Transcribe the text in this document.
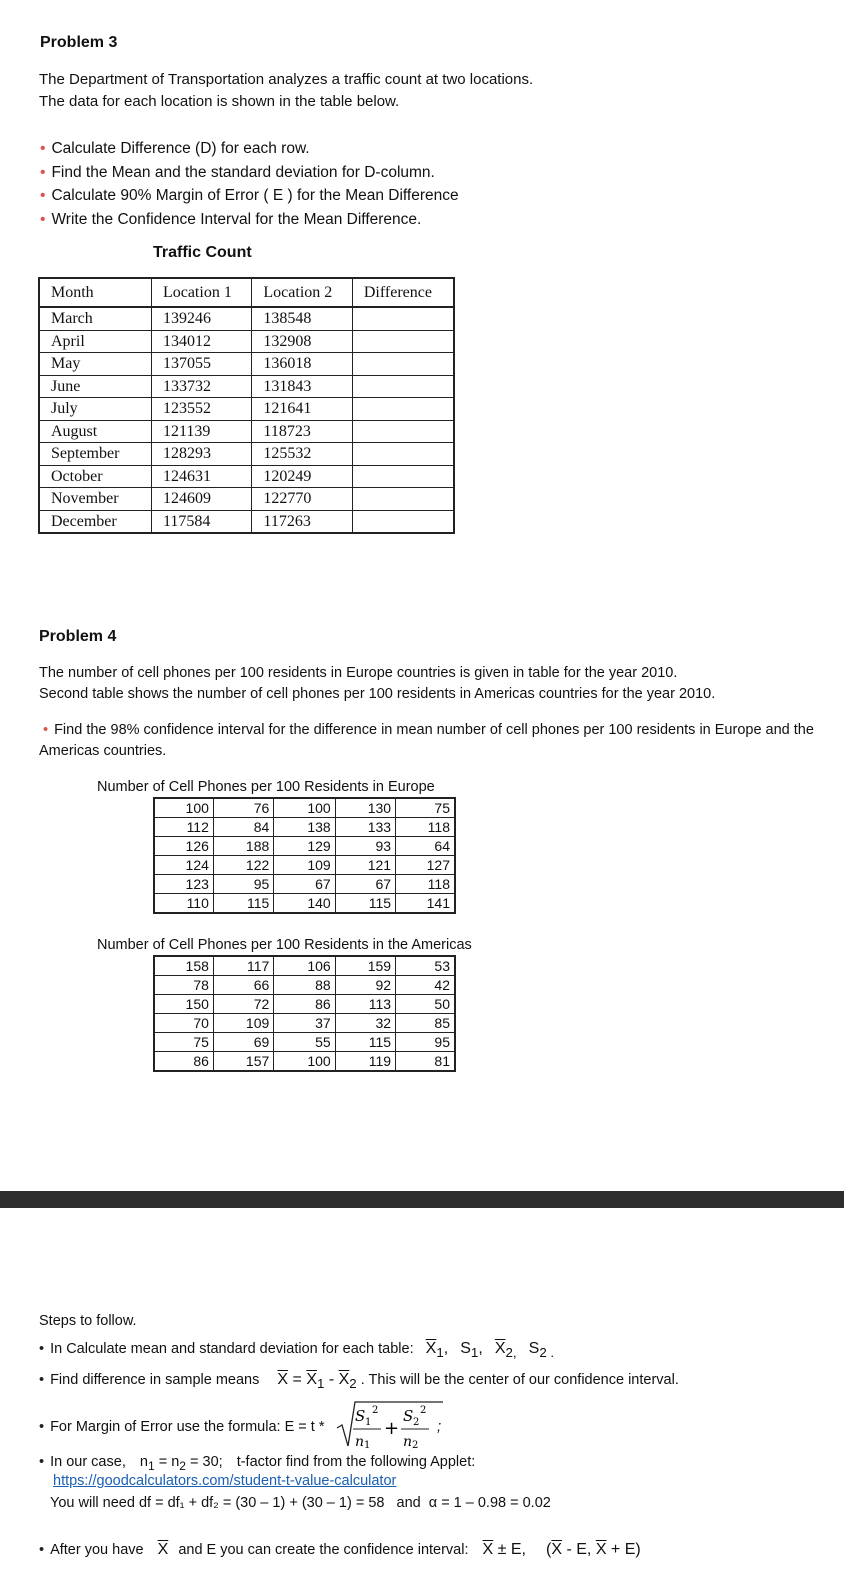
Problem 3
The Department of Transportation analyzes a traffic count at two locations.
The data for each location is shown in the table below.
• Calculate Difference (D) for each row.
• Find the Mean and the standard deviation for D-column.
• Calculate 90% Margin of Error ( E ) for the Mean Difference
• Write the Confidence Interval for the Mean Difference.
Traffic Count
Month	Location 1	Location 2	Difference
March	139246	138548	
April	134012	132908	
May	137055	136018	
June	133732	131843	
July	123552	121641	
August	121139	118723	
September	128293	125532	
October	124631	120249	
November	124609	122770	
December	117584	117263	
Problem 4
The number of cell phones per 100 residents in Europe countries is given in table for the year 2010.
Second table shows the number of cell phones per 100 residents in Americas countries for the year 2010.
• Find the 98% confidence interval for the difference in mean number of cell phones per 100 residents in Europe and the Americas countries.
Number of Cell Phones per 100 Residents in Europe
100	76	100	130	75
112	84	138	133	118
126	188	129	93	64
124	122	109	121	127
123	95	67	67	118
110	115	140	115	141
Number of Cell Phones per 100 Residents in the Americas
158	117	106	159	53
78	66	88	92	42
150	72	86	113	50
70	109	37	32	85
75	69	55	115	95
86	157	100	119	81
Steps to follow.
• In Calculate mean and standard deviation for each table: $\overline{X}_1$, $S_1$, $\overline{X}_{2,}$ $S_{2 .}$
• Find difference in sample means $\overline{X} = \overline{X}_1 - \overline{X}_2$ . This will be the center of our confidence interval.
• For Margin of Error use the formula: E = t *
S 1
2
n 1
+
S 2
2
n 2
;
• In our case, $n_1 = n_2 = 30$; t-factor find from the following Applet:
https://goodcalculators.com/student-t-value-calculator
You will need df = df₁ + df₂ = (30 – 1) + (30 – 1) = 58   and  α = 1 – 0.98 = 0.02
• After you have $\overline{X}$ and E you can create the confidence interval: $\overline{X} \pm E$, ($\overline{X}$ - E, $\overline{X} + E$)
